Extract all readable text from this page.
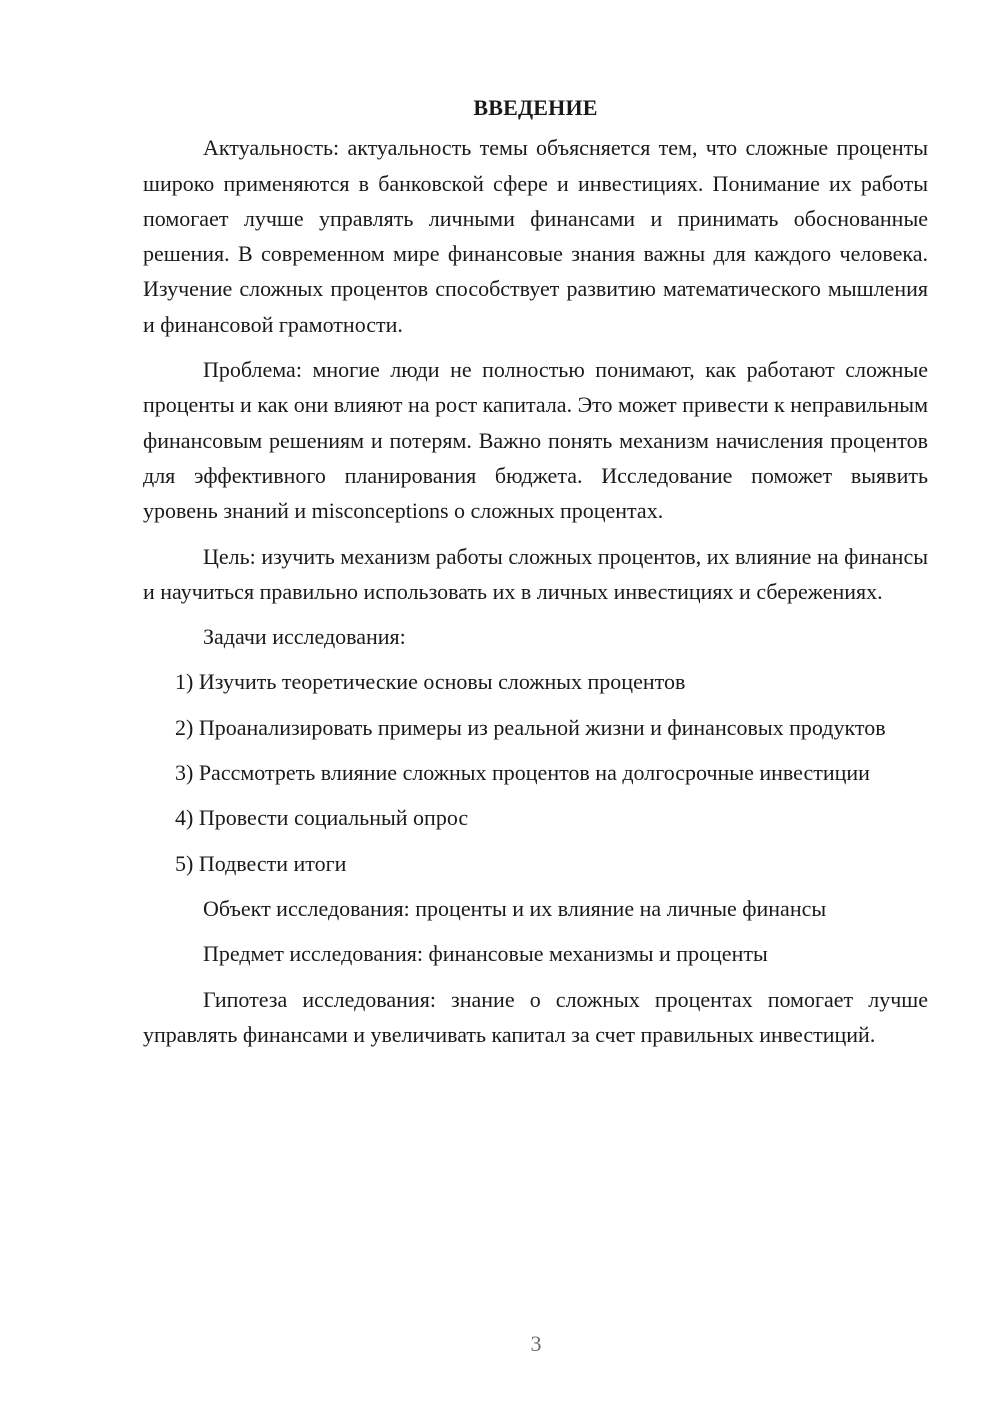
ВВЕДЕНИЕ

Актуальность: актуальность темы объясняется тем, что сложные проценты широко применяются в банковской сфере и инвестициях. Понимание их работы помогает лучше управлять личными финансами и принимать обоснованные решения. В современном мире финансовые знания важны для каждого человека. Изучение сложных процентов способствует развитию математического мышления и финансовой грамотности.

Проблема: многие люди не полностью понимают, как работают сложные проценты и как они влияют на рост капитала. Это может привести к неправильным финансовым решениям и потерям. Важно понять механизм начисления процентов для эффективного планирования бюджета. Исследование поможет выявить уровень знаний и misconceptions о сложных процентах.

Цель: изучить механизм работы сложных процентов, их влияние на финансы и научиться правильно использовать их в личных инвестициях и сбережениях.

Задачи исследования:

1) Изучить теоретические основы сложных процентов

2) Проанализировать примеры из реальной жизни и финансовых продуктов

3) Рассмотреть влияние сложных процентов на долгосрочные инвестиции

4) Провести социальный опрос

5) Подвести итоги

Объект исследования: проценты и их влияние на личные финансы

Предмет исследования: финансовые механизмы и проценты

Гипотеза исследования: знание о сложных процентах помогает лучше управлять финансами и увеличивать капитал за счет правильных инвестиций.

3
